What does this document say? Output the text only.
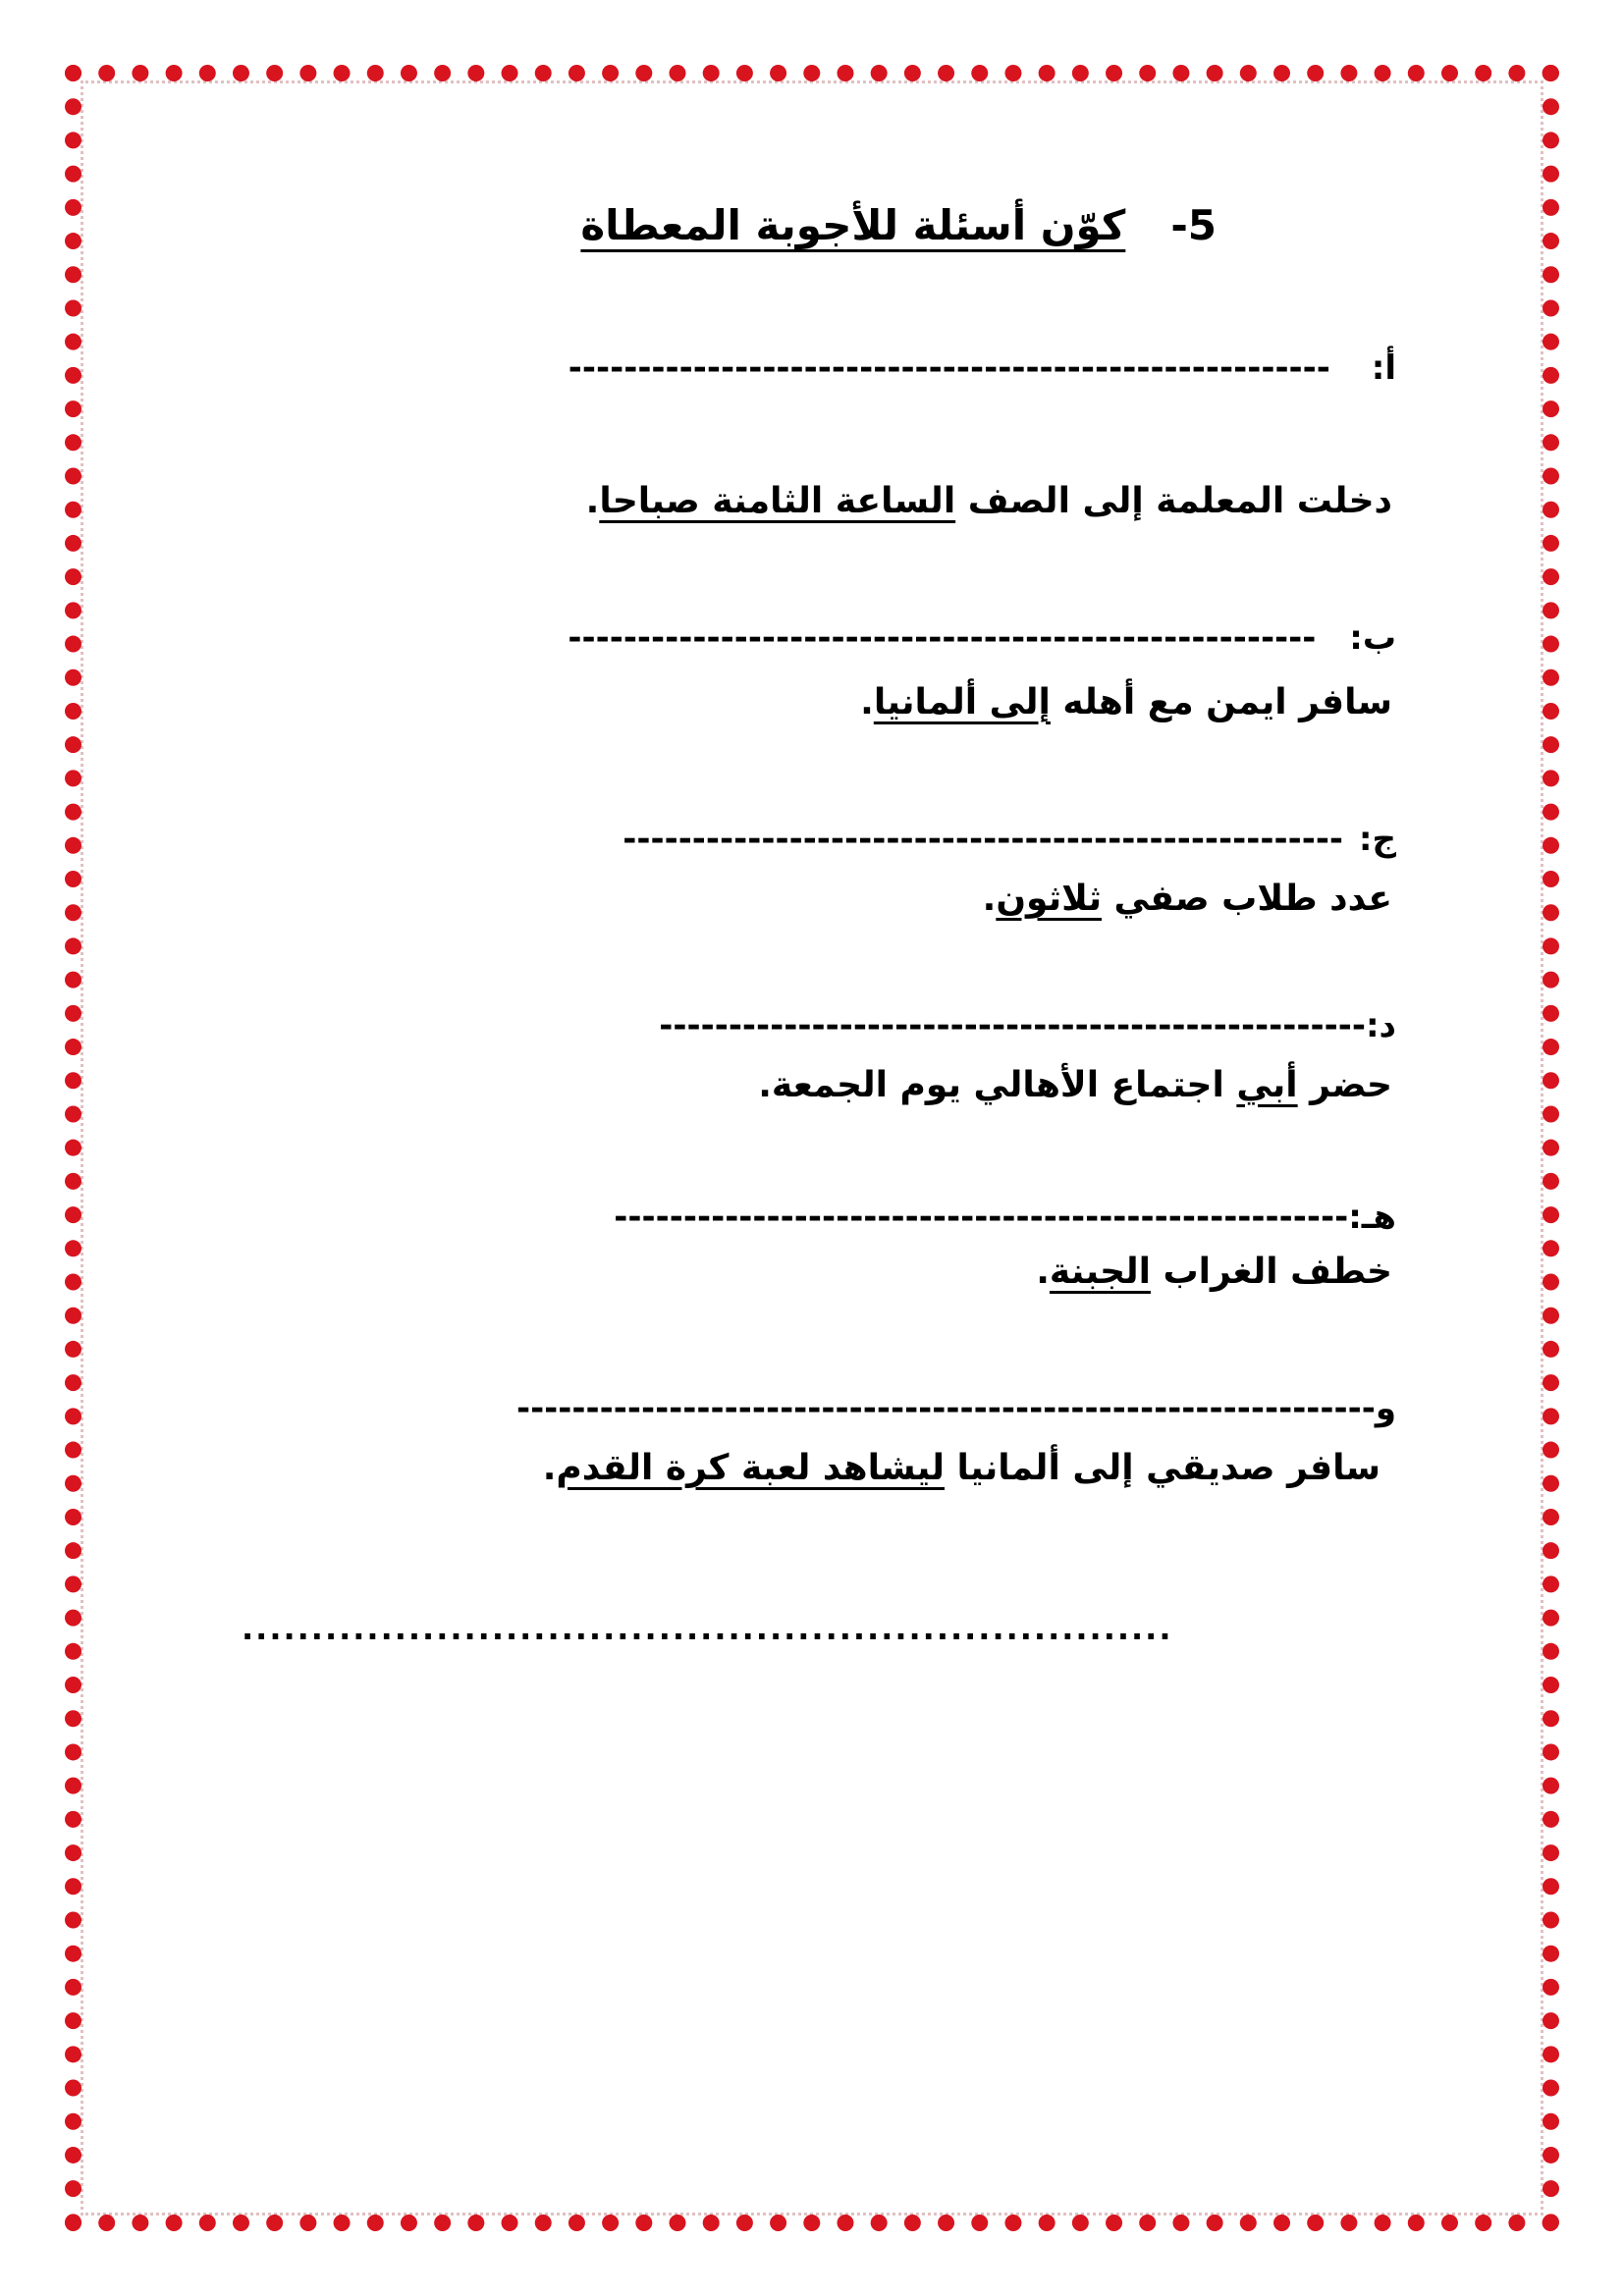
5-كوّن أسئلة للأجوبة المعطاة
أ: -------------------------------------------------------
دخلت المعلمة إلى الصف الساعة الثامنة صباحا.
ب: ------------------------------------------------------
سافر ايمن مع أهله إلى ألمانيا.
ج: ----------------------------------------------------
عدد طلاب صفي ثلاثون.
د:---------------------------------------------------
حضر أبي اجتماع الأهالي يوم الجمعة.
هـ:-----------------------------------------------------
خطف الغراب الجبنة.
و--------------------------------------------------------------
سافر صديقي إلى ألمانيا ليشاهد لعبة كرة القدم.
...................................................................
